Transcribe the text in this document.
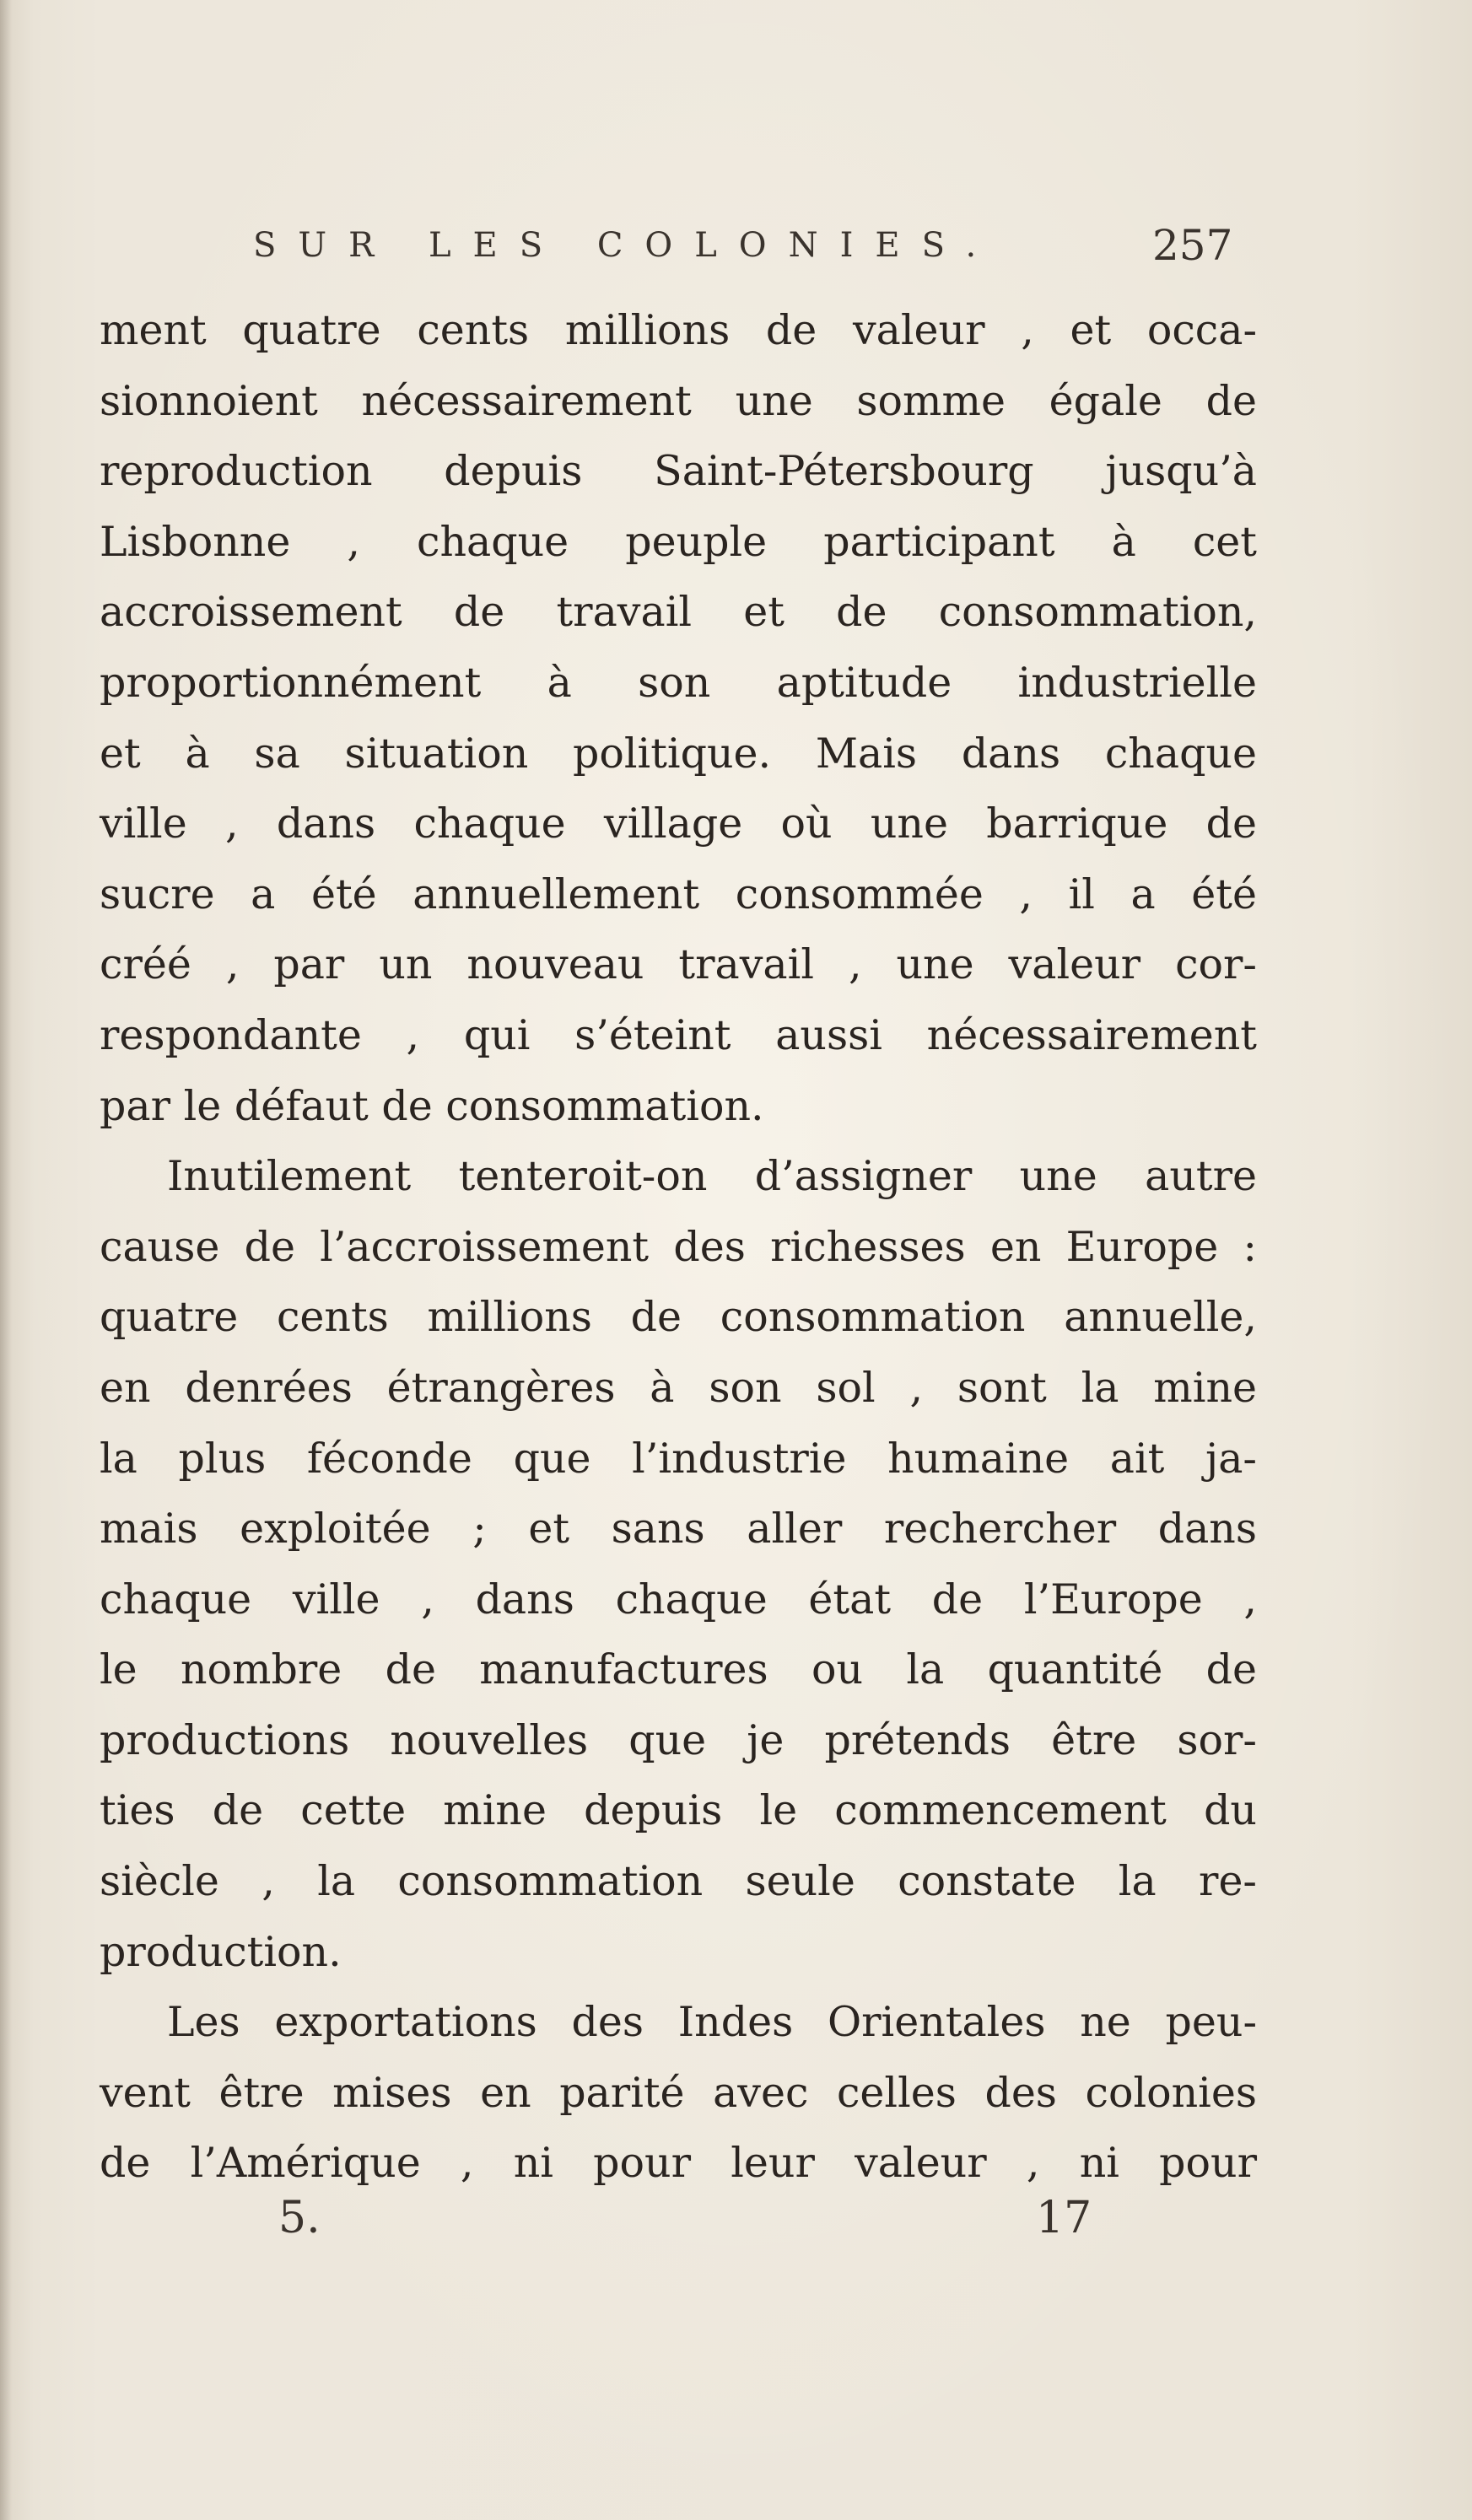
SUR LES COLONIES.	257
ment quatre cents millions de valeur , et occa-
sionnoient nécessairement une somme égale de
reproduction depuis Saint-Pétersbourg jusqu’à
Lisbonne , chaque peuple participant à cet
accroissement de travail et de consommation,
proportionnément à son aptitude industrielle
et à sa situation politique. Mais dans chaque
ville , dans chaque village où une barrique de
sucre a été annuellement consommée , il a été
créé , par un nouveau travail , une valeur cor-
respondante , qui s’éteint aussi nécessairement
par le défaut de consommation.
Inutilement tenteroit-on d’assigner une autre
cause de l’accroissement des richesses en Europe :
quatre cents millions de consommation annuelle,
en denrées étrangères à son sol , sont la mine
la plus féconde que l’industrie humaine ait ja-
mais exploitée ; et sans aller rechercher dans
chaque ville , dans chaque état de l’Europe ,
le nombre de manufactures ou la quantité de
productions nouvelles que je prétends être sor-
ties de cette mine depuis le commencement du
siècle , la consommation seule constate la re-
production.
Les exportations des Indes Orientales ne peu-
vent être mises en parité avec celles des colonies
de l’Amérique , ni pour leur valeur , ni pour
5.	17
